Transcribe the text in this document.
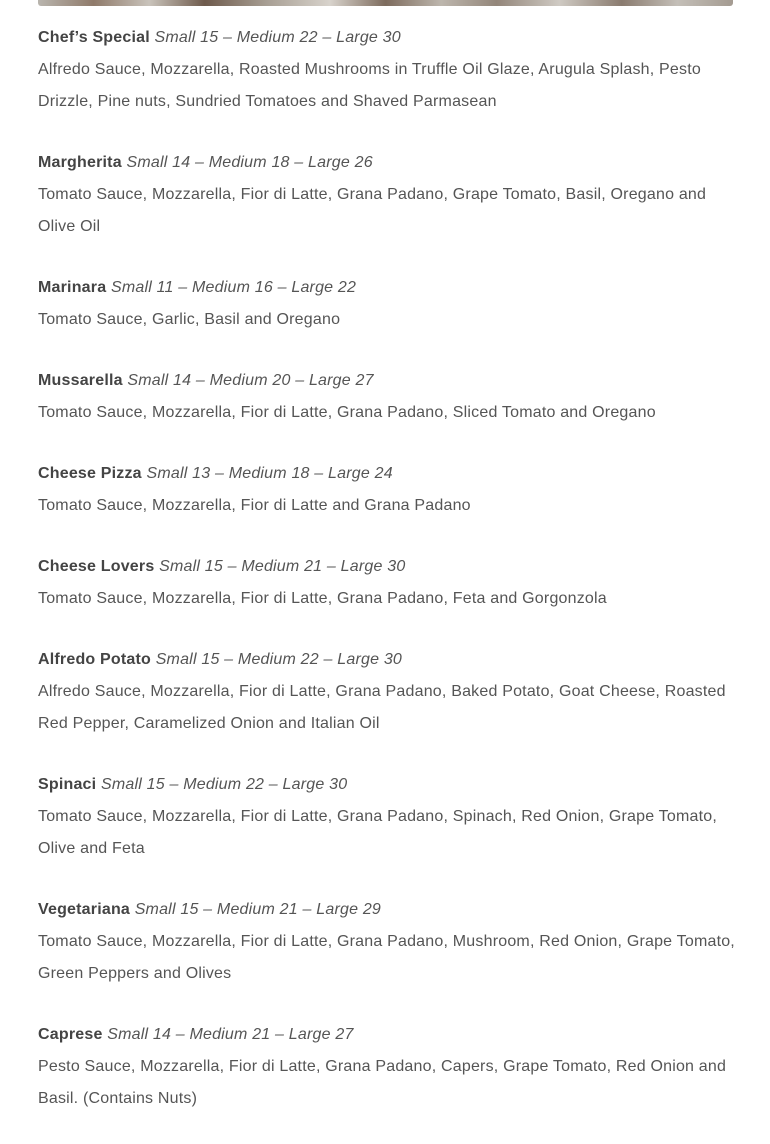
Chef’s Special Small 15 – Medium 22 – Large 30

Alfredo Sauce, Mozzarella, Roasted Mushrooms in Truffle Oil Glaze, Arugula Splash, Pesto Drizzle, Pine nuts, Sundried Tomatoes and Shaved Parmasean

Margherita Small 14 – Medium 18 – Large 26

Tomato Sauce, Mozzarella, Fior di Latte, Grana Padano, Grape Tomato, Basil, Oregano and Olive Oil

Marinara Small 11 – Medium 16 – Large 22

Tomato Sauce, Garlic, Basil and Oregano

Mussarella Small 14 – Medium 20 – Large 27

Tomato Sauce, Mozzarella, Fior di Latte, Grana Padano, Sliced Tomato and Oregano

Cheese Pizza Small 13 – Medium 18 – Large 24

Tomato Sauce, Mozzarella, Fior di Latte and Grana Padano

Cheese Lovers Small 15 – Medium 21 – Large 30

Tomato Sauce, Mozzarella, Fior di Latte, Grana Padano, Feta and Gorgonzola

Alfredo Potato Small 15 – Medium 22 – Large 30

Alfredo Sauce, Mozzarella, Fior di Latte, Grana Padano, Baked Potato, Goat Cheese, Roasted Red Pepper, Caramelized Onion and Italian Oil

Spinaci Small 15 – Medium 22 – Large 30

Tomato Sauce, Mozzarella, Fior di Latte, Grana Padano, Spinach, Red Onion, Grape Tomato, Olive and Feta

Vegetariana Small 15 – Medium 21 – Large 29

Tomato Sauce, Mozzarella, Fior di Latte, Grana Padano, Mushroom, Red Onion, Grape Tomato, Green Peppers and Olives

Caprese Small 14 – Medium 21 – Large 27

Pesto Sauce, Mozzarella, Fior di Latte, Grana Padano, Capers, Grape Tomato, Red Onion and Basil. (Contains Nuts)
